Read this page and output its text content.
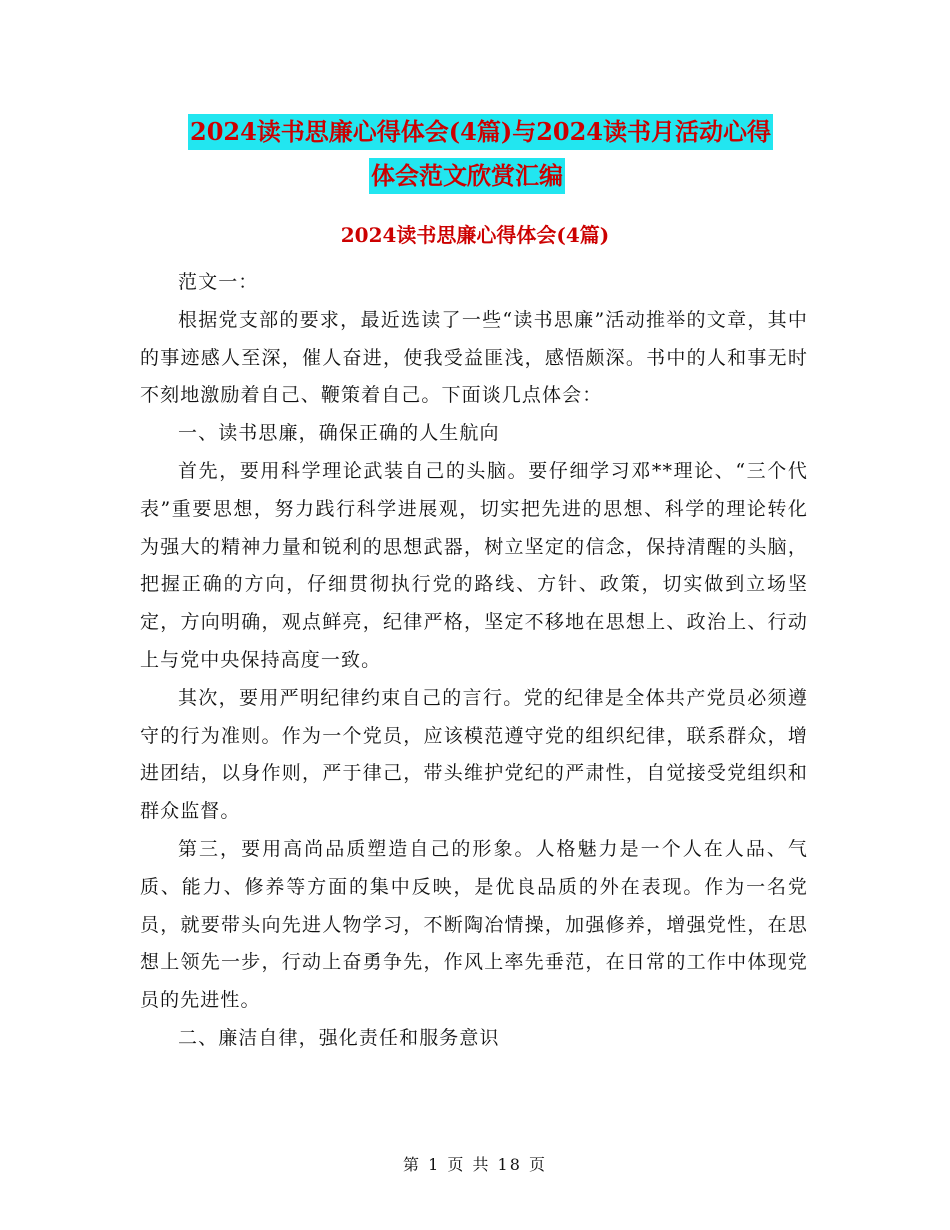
2024读书思廉心得体会(4篇)与2024读书月活动心得
体会范文欣赏汇编
2024读书思廉心得体会(4篇)

范文一：

根据党支部的要求，最近选读了一些“读书思廉”活动推举的文章，其中的事迹感人至深，催人奋进，使我受益匪浅，感悟颇深。书中的人和事无时不刻地激励着自己、鞭策着自己。下面谈几点体会：

一、读书思廉，确保正确的人生航向

首先，要用科学理论武装自己的头脑。要仔细学习邓**理论、“三个代表”重要思想，努力践行科学进展观，切实把先进的思想、科学的理论转化为强大的精神力量和锐利的思想武器，树立坚定的信念，保持清醒的头脑，把握正确的方向，仔细贯彻执行党的路线、方针、政策，切实做到立场坚定，方向明确，观点鲜亮，纪律严格，坚定不移地在思想上、政治上、行动上与党中央保持高度一致。

其次，要用严明纪律约束自己的言行。党的纪律是全体共产党员必须遵守的行为准则。作为一个党员，应该模范遵守党的组织纪律，联系群众，增进团结，以身作则，严于律己，带头维护党纪的严肃性，自觉接受党组织和群众监督。

第三，要用高尚品质塑造自己的形象。人格魅力是一个人在人品、气质、能力、修养等方面的集中反映，是优良品质的外在表现。作为一名党员，就要带头向先进人物学习，不断陶冶情操，加强修养，增强党性，在思想上领先一步，行动上奋勇争先，作风上率先垂范，在日常的工作中体现党员的先进性。

二、廉洁自律，强化责任和服务意识

第 1 页 共 18 页
